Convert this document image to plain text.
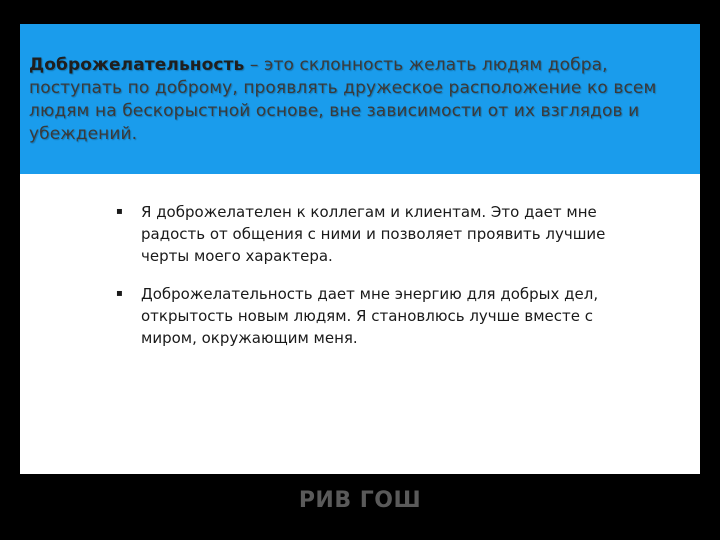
Доброжелательность – это склонность желать людям добра, поступать по доброму, проявлять дружеское расположение ко всем людям на бескорыстной основе, вне зависимости от их взглядов и убеждений.

▪ Я доброжелателен к коллегам и клиентам. Это дает мне радость от общения с ними и позволяет проявить лучшие черты моего характера.
▪ Доброжелательность дает мне энергию для добрых дел, открытость новым людям. Я становлюсь лучше вместе с миром, окружающим меня.
РИВ ГОШ
